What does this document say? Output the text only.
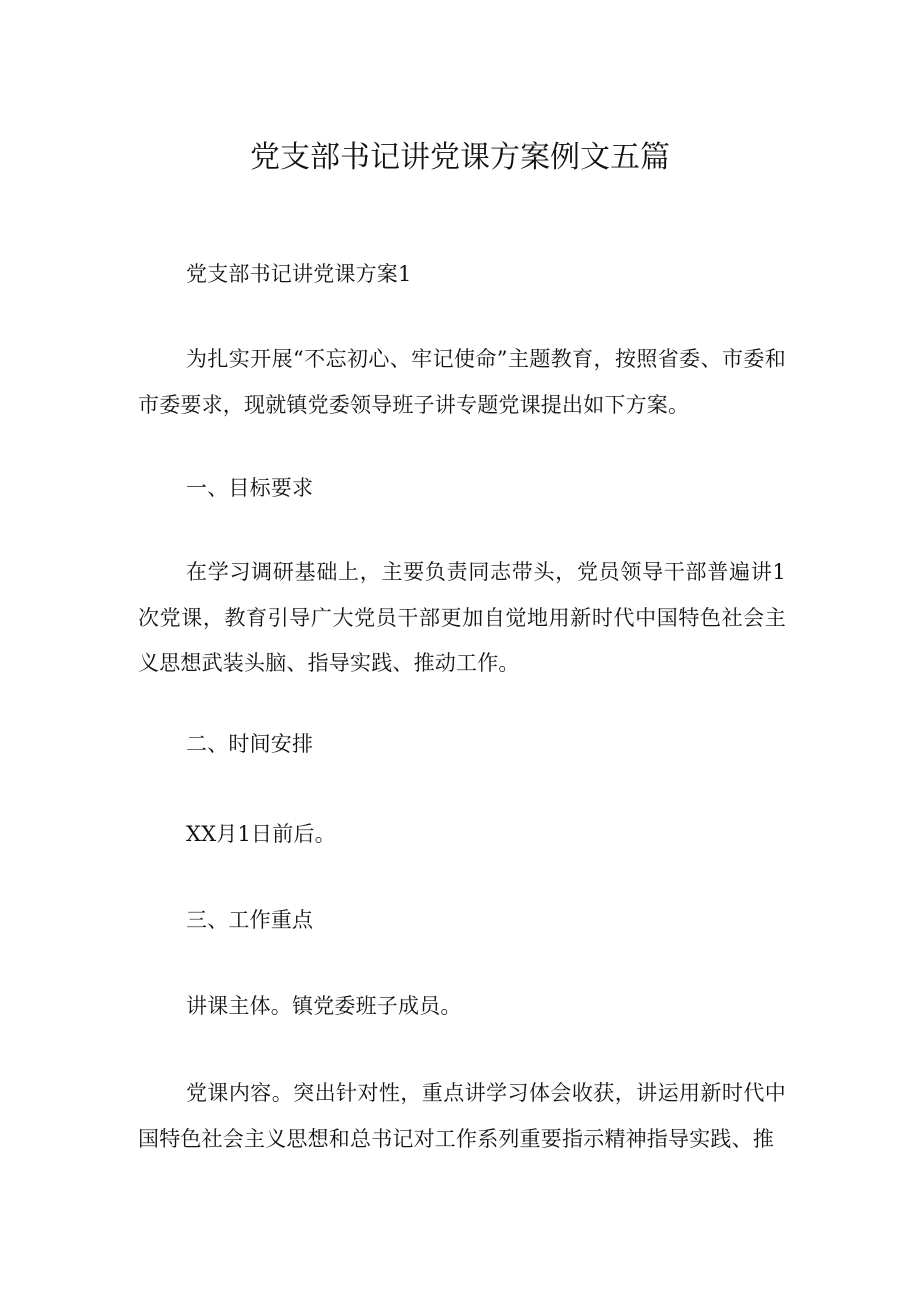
党支部书记讲党课方案例文五篇

党支部书记讲党课方案1

为扎实开展“不忘初心、牢记使命”主题教育，按照省委、市委和市委要求，现就镇党委领导班子讲专题党课提出如下方案。

一、目标要求

在学习调研基础上，主要负责同志带头，党员领导干部普遍讲1次党课，教育引导广大党员干部更加自觉地用新时代中国特色社会主义思想武装头脑、指导实践、推动工作。

二、时间安排

XX月1日前后。

三、工作重点

讲课主体。镇党委班子成员。

党课内容。突出针对性，重点讲学习体会收获，讲运用新时代中国特色社会主义思想和总书记对工作系列重要指示精神指导实践、推
